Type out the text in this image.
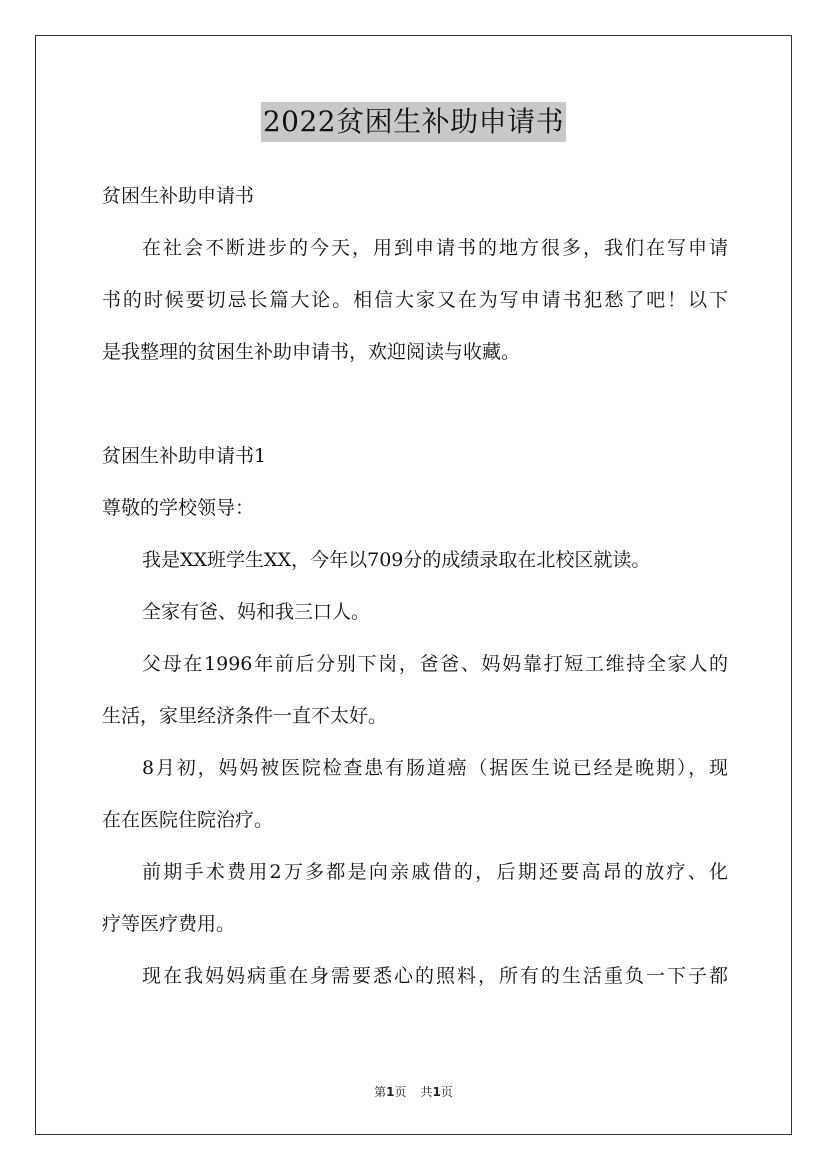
2022贫困生补助申请书

贫困生补助申请书

在社会不断进步的今天，用到申请书的地方很多，我们在写申请

书的时候要切忌长篇大论。相信大家又在为写申请书犯愁了吧！以下

是我整理的贫困生补助申请书，欢迎阅读与收藏。

贫困生补助申请书1

尊敬的学校领导：

我是XX班学生XX，今年以709分的成绩录取在北校区就读。

全家有爸、妈和我三口人。

父母在1996年前后分别下岗，爸爸、妈妈靠打短工维持全家人的

生活，家里经济条件一直不太好。

8月初，妈妈被医院检查患有肠道癌（据医生说已经是晚期），现

在在医院住院治疗。

前期手术费用2万多都是向亲戚借的，后期还要高昂的放疗、化

疗等医疗费用。

现在我妈妈病重在身需要悉心的照料，所有的生活重负一下子都

第1页 共1页
